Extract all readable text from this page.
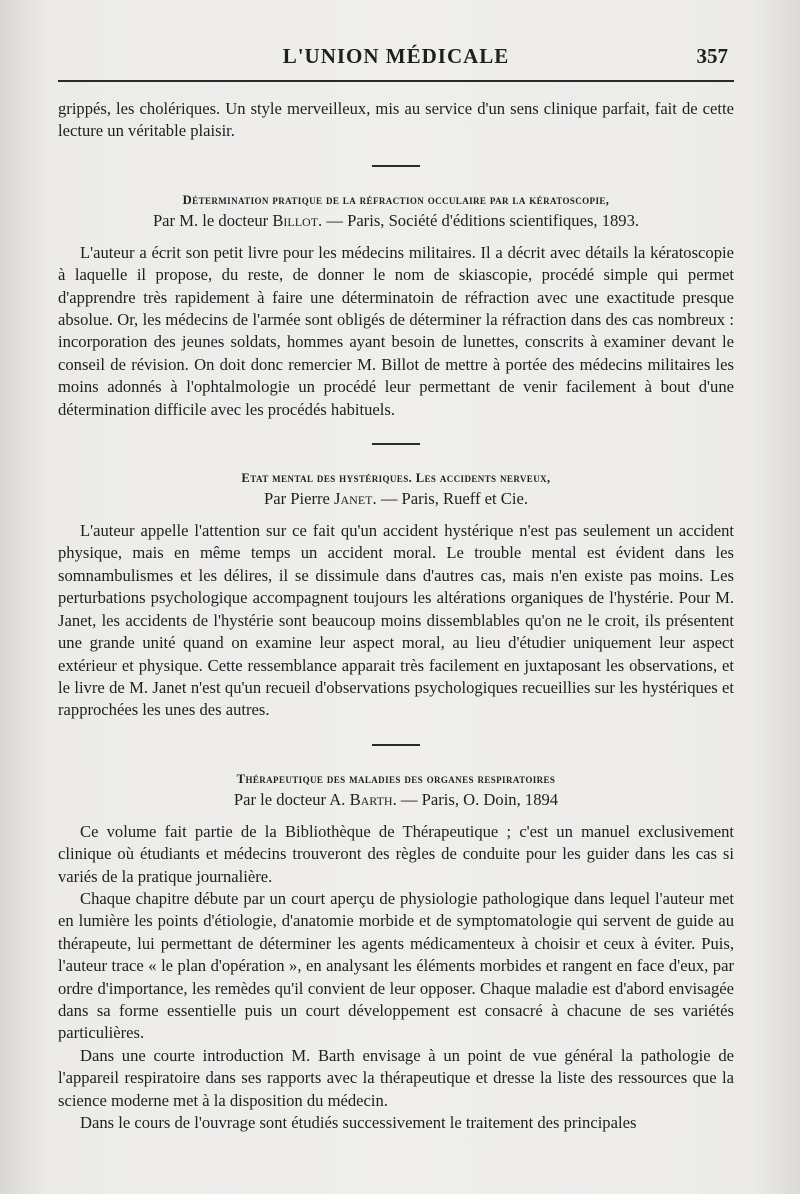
L'UNION MÉDICALE	357

grippés, les cholériques. Un style merveilleux, mis au service d'un sens clinique parfait, fait de cette lecture un véritable plaisir.

Détermination pratique de la réfraction occulaire par la kératoscopie,
Par M. le docteur Billot. — Paris, Société d'éditions scientifiques, 1893.

L'auteur a écrit son petit livre pour les médecins militaires. Il a décrit avec détails la kératoscopie à laquelle il propose, du reste, de donner le nom de skiascopie, procédé simple qui permet d'apprendre très rapidement à faire une déterminatoin de réfraction avec une exactitude presque absolue. Or, les médecins de l'armée sont obligés de déterminer la réfraction dans des cas nombreux : incorporation des jeunes soldats, hommes ayant besoin de lunettes, conscrits à examiner devant le conseil de révision. On doit donc remercier M. Billot de mettre à portée des médecins militaires les moins adonnés à l'ophtalmologie un procédé leur permettant de venir facilement à bout d'une détermination difficile avec les procédés habituels.

Etat mental des hystériques. Les accidents nerveux,
Par Pierre Janet. — Paris, Rueff et Cie.

L'auteur appelle l'attention sur ce fait qu'un accident hystérique n'est pas seulement un accident physique, mais en même temps un accident moral. Le trouble mental est évident dans les somnambulismes et les délires, il se dissimule dans d'autres cas, mais n'en existe pas moins. Les perturbations psychologique accompagnent toujours les altérations organiques de l'hystérie. Pour M. Janet, les accidents de l'hystérie sont beaucoup moins dissemblables qu'on ne le croit, ils présentent une grande unité quand on examine leur aspect moral, au lieu d'étudier uniquement leur aspect extérieur et physique. Cette ressemblance apparait très facilement en juxtaposant les observations, et le livre de M. Janet n'est qu'un recueil d'observations psychologiques recueillies sur les hystériques et rapprochées les unes des autres.

Thérapeutique des maladies des organes respiratoires
Par le docteur A. Barth. — Paris, O. Doin, 1894

Ce volume fait partie de la Bibliothèque de Thérapeutique ; c'est un manuel exclusivement clinique où étudiants et médecins trouveront des règles de conduite pour les guider dans les cas si variés de la pratique journalière.

Chaque chapitre débute par un court aperçu de physiologie pathologique dans lequel l'auteur met en lumière les points d'étiologie, d'anatomie morbide et de symptomatologie qui servent de guide au thérapeute, lui permettant de déterminer les agents médicamenteux à choisir et ceux à éviter. Puis, l'auteur trace « le plan d'opération », en analysant les éléments morbides et rangent en face d'eux, par ordre d'importance, les remèdes qu'il convient de leur opposer. Chaque maladie est d'abord envisagée dans sa forme essentielle puis un court développement est consacré à chacune de ses variétés particulières.

Dans une courte introduction M. Barth envisage à un point de vue général la pathologie de l'appareil respiratoire dans ses rapports avec la thérapeutique et dresse la liste des ressources que la science moderne met à la disposition du médecin.

Dans le cours de l'ouvrage sont étudiés successivement le traitement des principales
